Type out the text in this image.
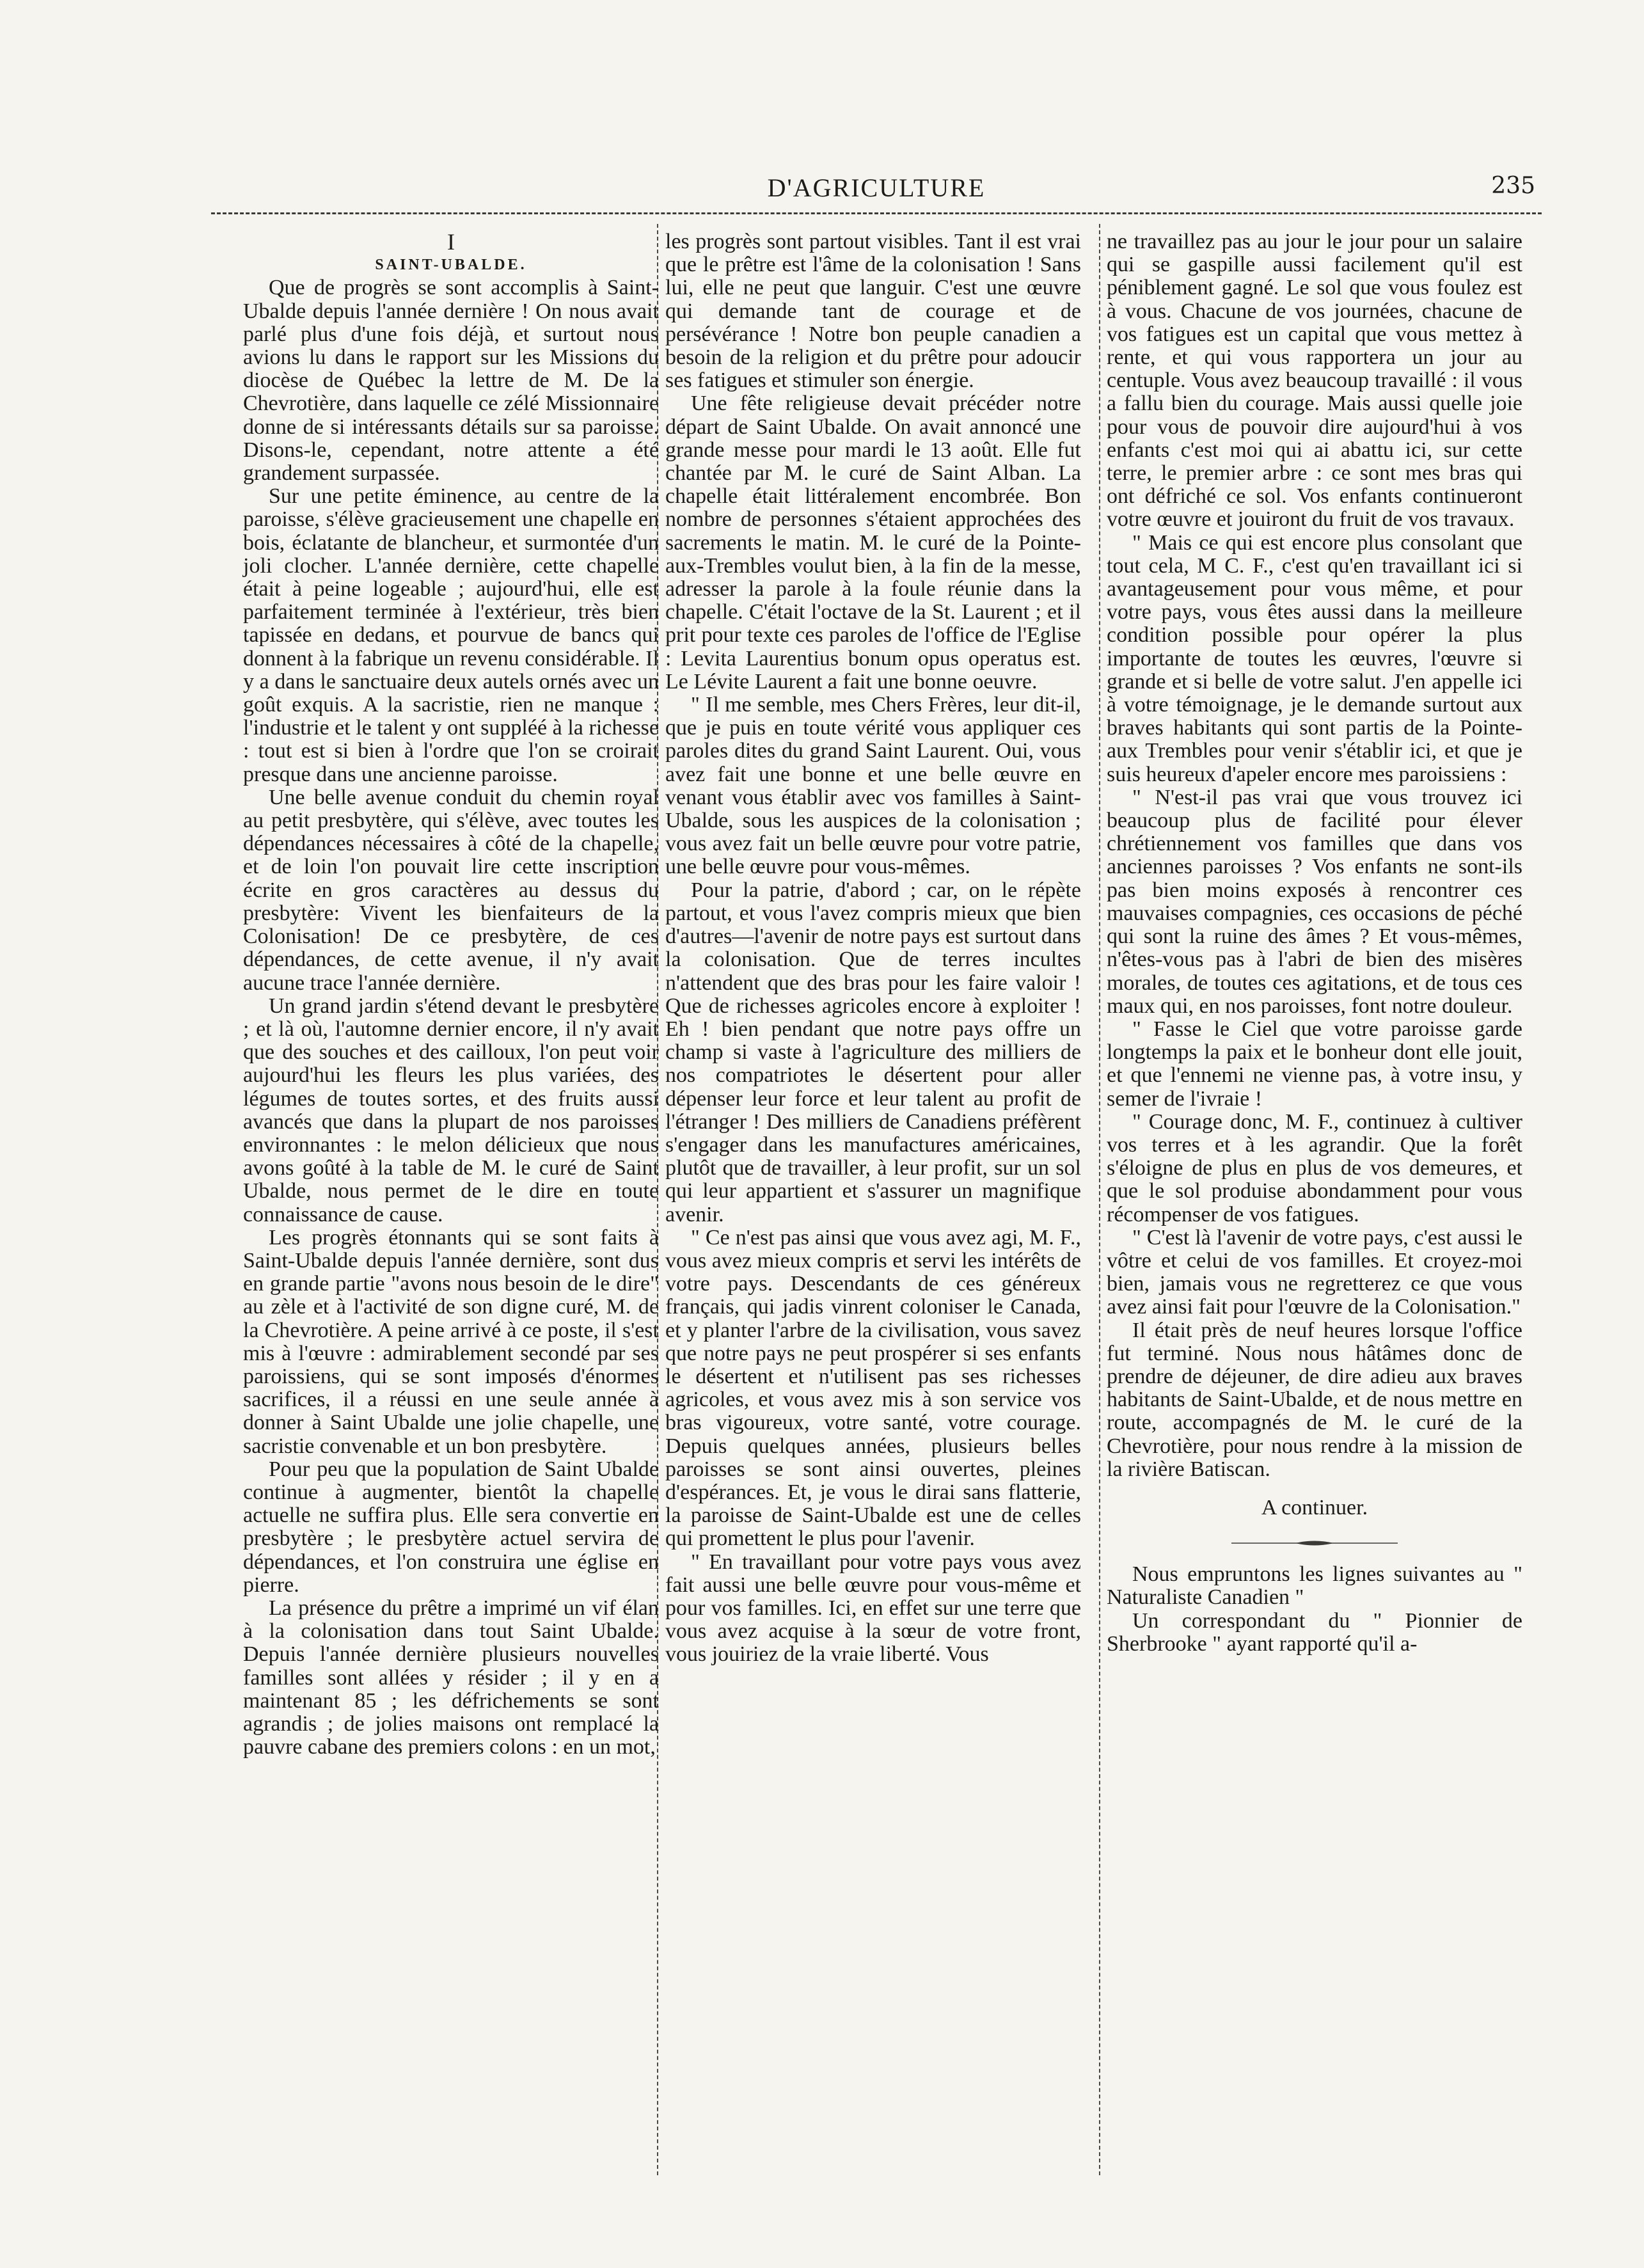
D'AGRICULTURE	235

I

SAINT-UBALDE.

Que de progrès se sont accomplis à Saint-Ubalde depuis l'année dernière ! On nous avait parlé plus d'une fois déjà, et surtout nous avions lu dans le rapport sur les Missions du diocèse de Québec la lettre de M. De la Chevrotière, dans laquelle ce zélé Missionnaire donne de si intéressants détails sur sa paroisse. Disons-le, cependant, notre attente a été grandement surpassée.

Sur une petite éminence, au centre de la paroisse, s'élève gracieusement une chapelle en bois, éclatante de blancheur, et surmontée d'un joli clocher. L'année dernière, cette chapelle était à peine logeable ; aujourd'hui, elle est parfaitement terminée à l'extérieur, très bien tapissée en dedans, et pourvue de bancs qui donnent à la fabrique un revenu considérable. Il y a dans le sanctuaire deux autels ornés avec un goût exquis. A la sacristie, rien ne manque : l'industrie et le talent y ont suppléé à la richesse : tout est si bien à l'ordre que l'on se croirait presque dans une ancienne paroisse.

Une belle avenue conduit du chemin royal au petit presbytère, qui s'élève, avec toutes les dépendances nécessaires à côté de la chapelle, et de loin l'on pouvait lire cette inscription écrite en gros caractères au dessus du presbytère: Vivent les bienfaiteurs de la Colonisation! De ce presbytère, de ces dépendances, de cette avenue, il n'y avait aucune trace l'année dernière.

Un grand jardin s'étend devant le presbytère ; et là où, l'automne dernier encore, il n'y avait que des souches et des cailloux, l'on peut voir aujourd'hui les fleurs les plus variées, des légumes de toutes sortes, et des fruits aussi avancés que dans la plupart de nos paroisses environnantes : le melon délicieux que nous avons goûté à la table de M. le curé de Saint Ubalde, nous permet de le dire en toute connaissance de cause.

Les progrès étonnants qui se sont faits à Saint-Ubalde depuis l'année dernière, sont dus en grande partie "avons nous besoin de le dire" au zèle et à l'activité de son digne curé, M. de la Chevrotière. A peine arrivé à ce poste, il s'est mis à l'œuvre : admirablement secondé par ses paroissiens, qui se sont imposés d'énormes sacrifices, il a réussi en une seule année à donner à Saint Ubalde une jolie chapelle, une sacristie convenable et un bon presbytère.

Pour peu que la population de Saint Ubalde continue à augmenter, bientôt la chapelle actuelle ne suffira plus. Elle sera convertie en presbytère ; le presbytère actuel servira de dépendances, et l'on construira une église en pierre.

La présence du prêtre a imprimé un vif élan à la colonisation dans tout Saint Ubalde. Depuis l'année dernière plusieurs nouvelles familles sont allées y résider ; il y en a maintenant 85 ; les défrichements se sont agrandis ; de jolies maisons ont remplacé la pauvre cabane des premiers colons : en un mot,

les progrès sont partout visibles. Tant il est vrai que le prêtre est l'âme de la colonisation ! Sans lui, elle ne peut que languir. C'est une œuvre qui demande tant de courage et de persévérance ! Notre bon peuple canadien a besoin de la religion et du prêtre pour adoucir ses fatigues et stimuler son énergie.

Une fête religieuse devait précéder notre départ de Saint Ubalde. On avait annoncé une grande messe pour mardi le 13 août. Elle fut chantée par M. le curé de Saint Alban. La chapelle était littéralement encombrée. Bon nombre de personnes s'étaient approchées des sacrements le matin. M. le curé de la Pointe-aux-Trembles voulut bien, à la fin de la messe, adresser la parole à la foule réunie dans la chapelle. C'était l'octave de la St. Laurent ; et il prit pour texte ces paroles de l'office de l'Eglise : Levita Laurentius bonum opus operatus est. Le Lévite Laurent a fait une bonne oeuvre.

" Il me semble, mes Chers Frères, leur dit-il, que je puis en toute vérité vous appliquer ces paroles dites du grand Saint Laurent. Oui, vous avez fait une bonne et une belle œuvre en venant vous établir avec vos familles à Saint-Ubalde, sous les auspices de la colonisation ; vous avez fait un belle œuvre pour votre patrie, une belle œuvre pour vous-mêmes.

Pour la patrie, d'abord ; car, on le répète partout, et vous l'avez compris mieux que bien d'autres—l'avenir de notre pays est surtout dans la colonisation. Que de terres incultes n'attendent que des bras pour les faire valoir ! Que de richesses agricoles encore à exploiter ! Eh ! bien pendant que notre pays offre un champ si vaste à l'agriculture des milliers de nos compatriotes le désertent pour aller dépenser leur force et leur talent au profit de l'étranger ! Des milliers de Canadiens préfèrent s'engager dans les manufactures américaines, plutôt que de travailler, à leur profit, sur un sol qui leur appartient et s'assurer un magnifique avenir.

" Ce n'est pas ainsi que vous avez agi, M. F., vous avez mieux compris et servi les intérêts de votre pays. Descendants de ces généreux français, qui jadis vinrent coloniser le Canada, et y planter l'arbre de la civilisation, vous savez que notre pays ne peut prospérer si ses enfants le désertent et n'utilisent pas ses richesses agricoles, et vous avez mis à son service vos bras vigoureux, votre santé, votre courage. Depuis quelques années, plusieurs belles paroisses se sont ainsi ouvertes, pleines d'espérances. Et, je vous le dirai sans flatterie, la paroisse de Saint-Ubalde est une de celles qui promettent le plus pour l'avenir.

" En travaillant pour votre pays vous avez fait aussi une belle œuvre pour vous-même et pour vos familles. Ici, en effet sur une terre que vous avez acquise à la sœur de votre front, vous jouiriez de la vraie liberté. Vous

ne travaillez pas au jour le jour pour un salaire qui se gaspille aussi facilement qu'il est péniblement gagné. Le sol que vous foulez est à vous. Chacune de vos journées, chacune de vos fatigues est un capital que vous mettez à rente, et qui vous rapportera un jour au centuple. Vous avez beaucoup travaillé : il vous a fallu bien du courage. Mais aussi quelle joie pour vous de pouvoir dire aujourd'hui à vos enfants c'est moi qui ai abattu ici, sur cette terre, le premier arbre : ce sont mes bras qui ont défriché ce sol. Vos enfants continueront votre œuvre et jouiront du fruit de vos travaux.

" Mais ce qui est encore plus consolant que tout cela, M C. F., c'est qu'en travaillant ici si avantageusement pour vous même, et pour votre pays, vous êtes aussi dans la meilleure condition possible pour opérer la plus importante de toutes les œuvres, l'œuvre si grande et si belle de votre salut. J'en appelle ici à votre témoignage, je le demande surtout aux braves habitants qui sont partis de la Pointe-aux Trembles pour venir s'établir ici, et que je suis heureux d'apeler encore mes paroissiens :

" N'est-il pas vrai que vous trouvez ici beaucoup plus de facilité pour élever chrétiennement vos familles que dans vos anciennes paroisses ? Vos enfants ne sont-ils pas bien moins exposés à rencontrer ces mauvaises compagnies, ces occasions de péché qui sont la ruine des âmes ? Et vous-mêmes, n'êtes-vous pas à l'abri de bien des misères morales, de toutes ces agitations, et de tous ces maux qui, en nos paroisses, font notre douleur.

" Fasse le Ciel que votre paroisse garde longtemps la paix et le bonheur dont elle jouit, et que l'ennemi ne vienne pas, à votre insu, y semer de l'ivraie !

" Courage donc, M. F., continuez à cultiver vos terres et à les agrandir. Que la forêt s'éloigne de plus en plus de vos demeures, et que le sol produise abondamment pour vous récompenser de vos fatigues.

" C'est là l'avenir de votre pays, c'est aussi le vôtre et celui de vos familles. Et croyez-moi bien, jamais vous ne regretterez ce que vous avez ainsi fait pour l'œuvre de la Colonisation."

Il était près de neuf heures lorsque l'office fut terminé. Nous nous hâtâmes donc de prendre de déjeuner, de dire adieu aux braves habitants de Saint-Ubalde, et de nous mettre en route, accompagnés de M. le curé de la Chevrotière, pour nous rendre à la mission de la rivière Batiscan.

A continuer.

Nous empruntons les lignes suivantes au " Naturaliste Canadien "

Un correspondant du " Pionnier de Sherbrooke " ayant rapporté qu'il a-
